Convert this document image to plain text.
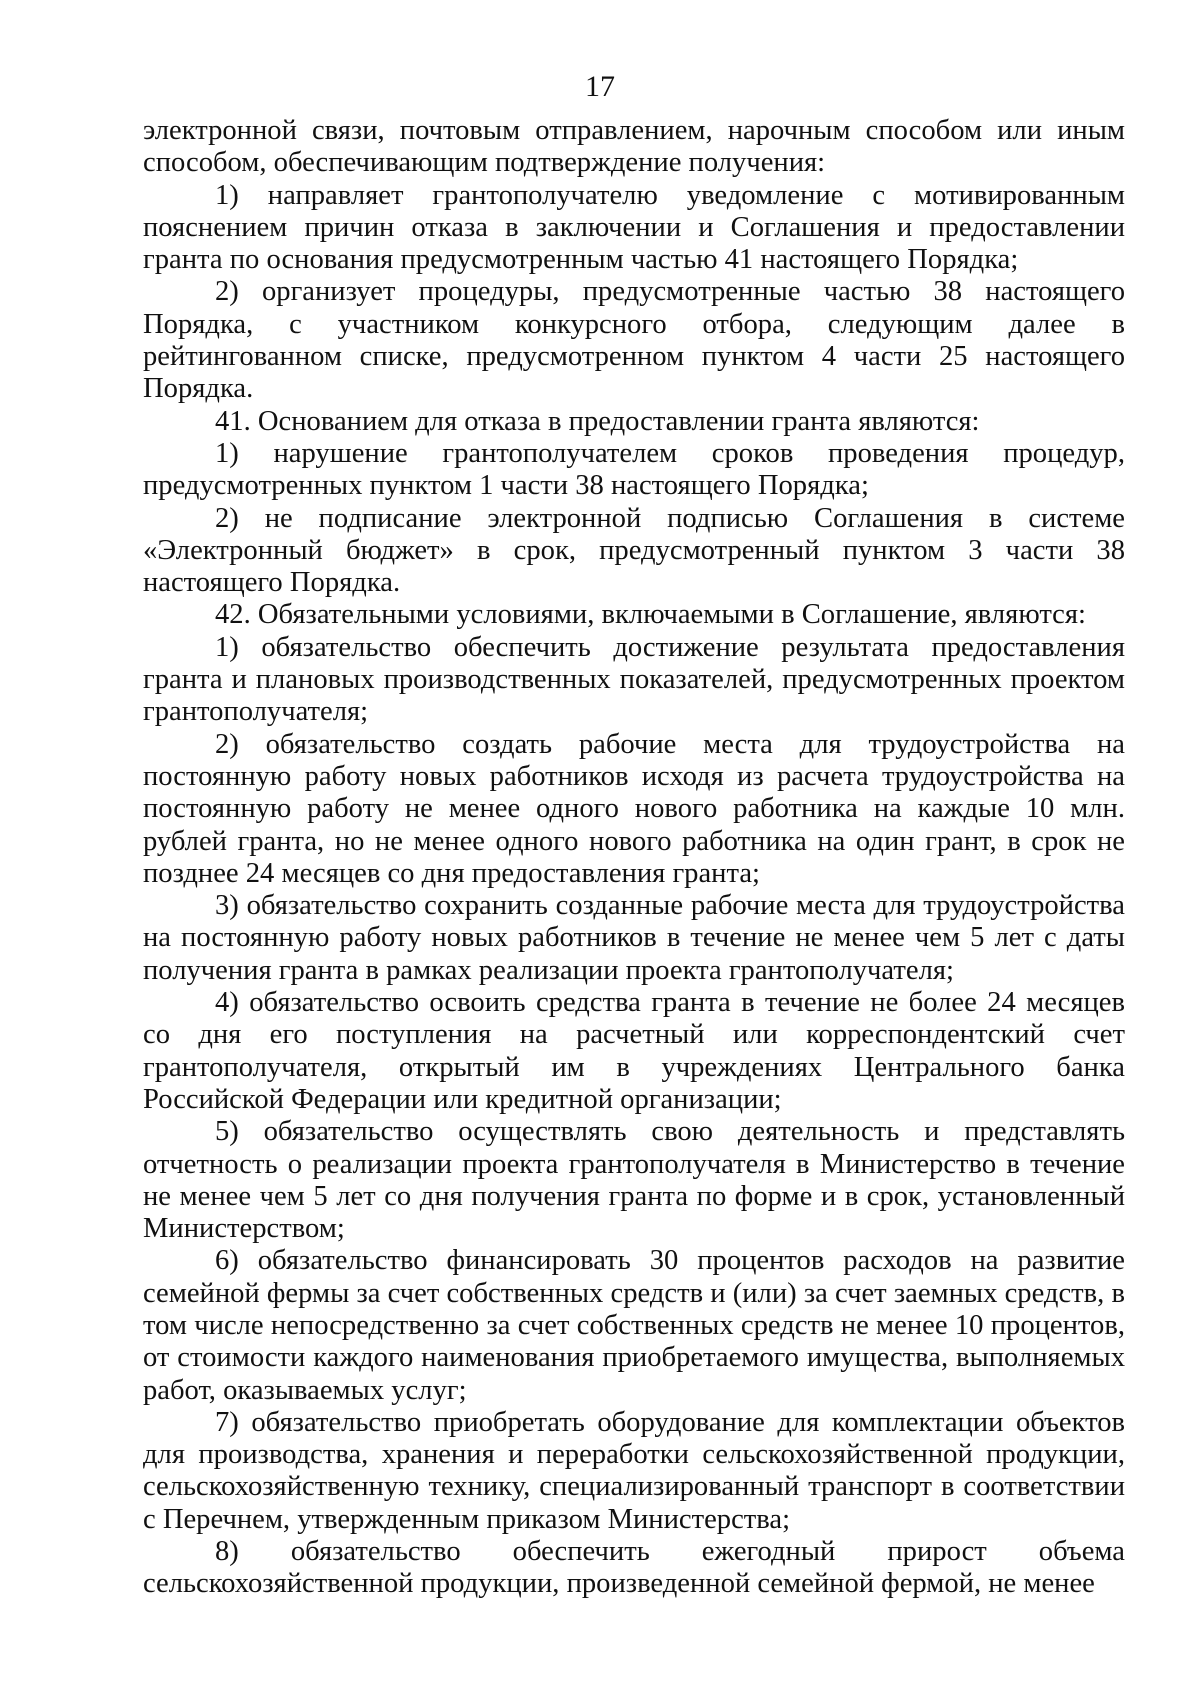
17

электронной связи, почтовым отправлением, нарочным способом или иным способом, обеспечивающим подтверждение получения:

1) направляет грантополучателю уведомление с мотивированным пояснением причин отказа в заключении и Соглашения и предоставлении гранта по основания предусмотренным частью 41 настоящего Порядка;

2) организует процедуры, предусмотренные частью 38 настоящего Порядка, с участником конкурсного отбора, следующим далее в рейтингованном списке, предусмотренном пунктом 4 части 25 настоящего Порядка.

41. Основанием для отказа в предоставлении гранта являются:

1) нарушение грантополучателем сроков проведения процедур, предусмотренных пунктом 1 части 38 настоящего Порядка;

2) не подписание электронной подписью Соглашения в системе «Электронный бюджет» в срок, предусмотренный пунктом 3 части 38 настоящего Порядка.

42. Обязательными условиями, включаемыми в Соглашение, являются:

1) обязательство обеспечить достижение результата предоставления гранта и плановых производственных показателей, предусмотренных проектом грантополучателя;

2) обязательство создать рабочие места для трудоустройства на постоянную работу новых работников исходя из расчета трудоустройства на постоянную работу не менее одного нового работника на каждые 10 млн. рублей гранта, но не менее одного нового работника на один грант, в срок не позднее 24 месяцев со дня предоставления гранта;

3) обязательство сохранить созданные рабочие места для трудоустройства на постоянную работу новых работников в течение не менее чем 5 лет с даты получения гранта в рамках реализации проекта грантополучателя;

4) обязательство освоить средства гранта в течение не более 24 месяцев со дня его поступления на расчетный или корреспондентский счет грантополучателя, открытый им в учреждениях Центрального банка Российской Федерации или кредитной организации;

5) обязательство осуществлять свою деятельность и представлять отчетность о реализации проекта грантополучателя в Министерство в течение не менее чем 5 лет со дня получения гранта по форме и в срок, установленный Министерством;

6) обязательство финансировать 30 процентов расходов на развитие семейной фермы за счет собственных средств и (или) за счет заемных средств, в том числе непосредственно за счет собственных средств не менее 10 процентов, от стоимости каждого наименования приобретаемого имущества, выполняемых работ, оказываемых услуг;

7) обязательство приобретать оборудование для комплектации объектов для производства, хранения и переработки сельскохозяйственной продукции, сельскохозяйственную технику, специализированный транспорт в соответствии с Перечнем, утвержденным приказом Министерства;

8) обязательство обеспечить ежегодный прирост объема сельскохозяйственной продукции, произведенной семейной фермой, не менее
